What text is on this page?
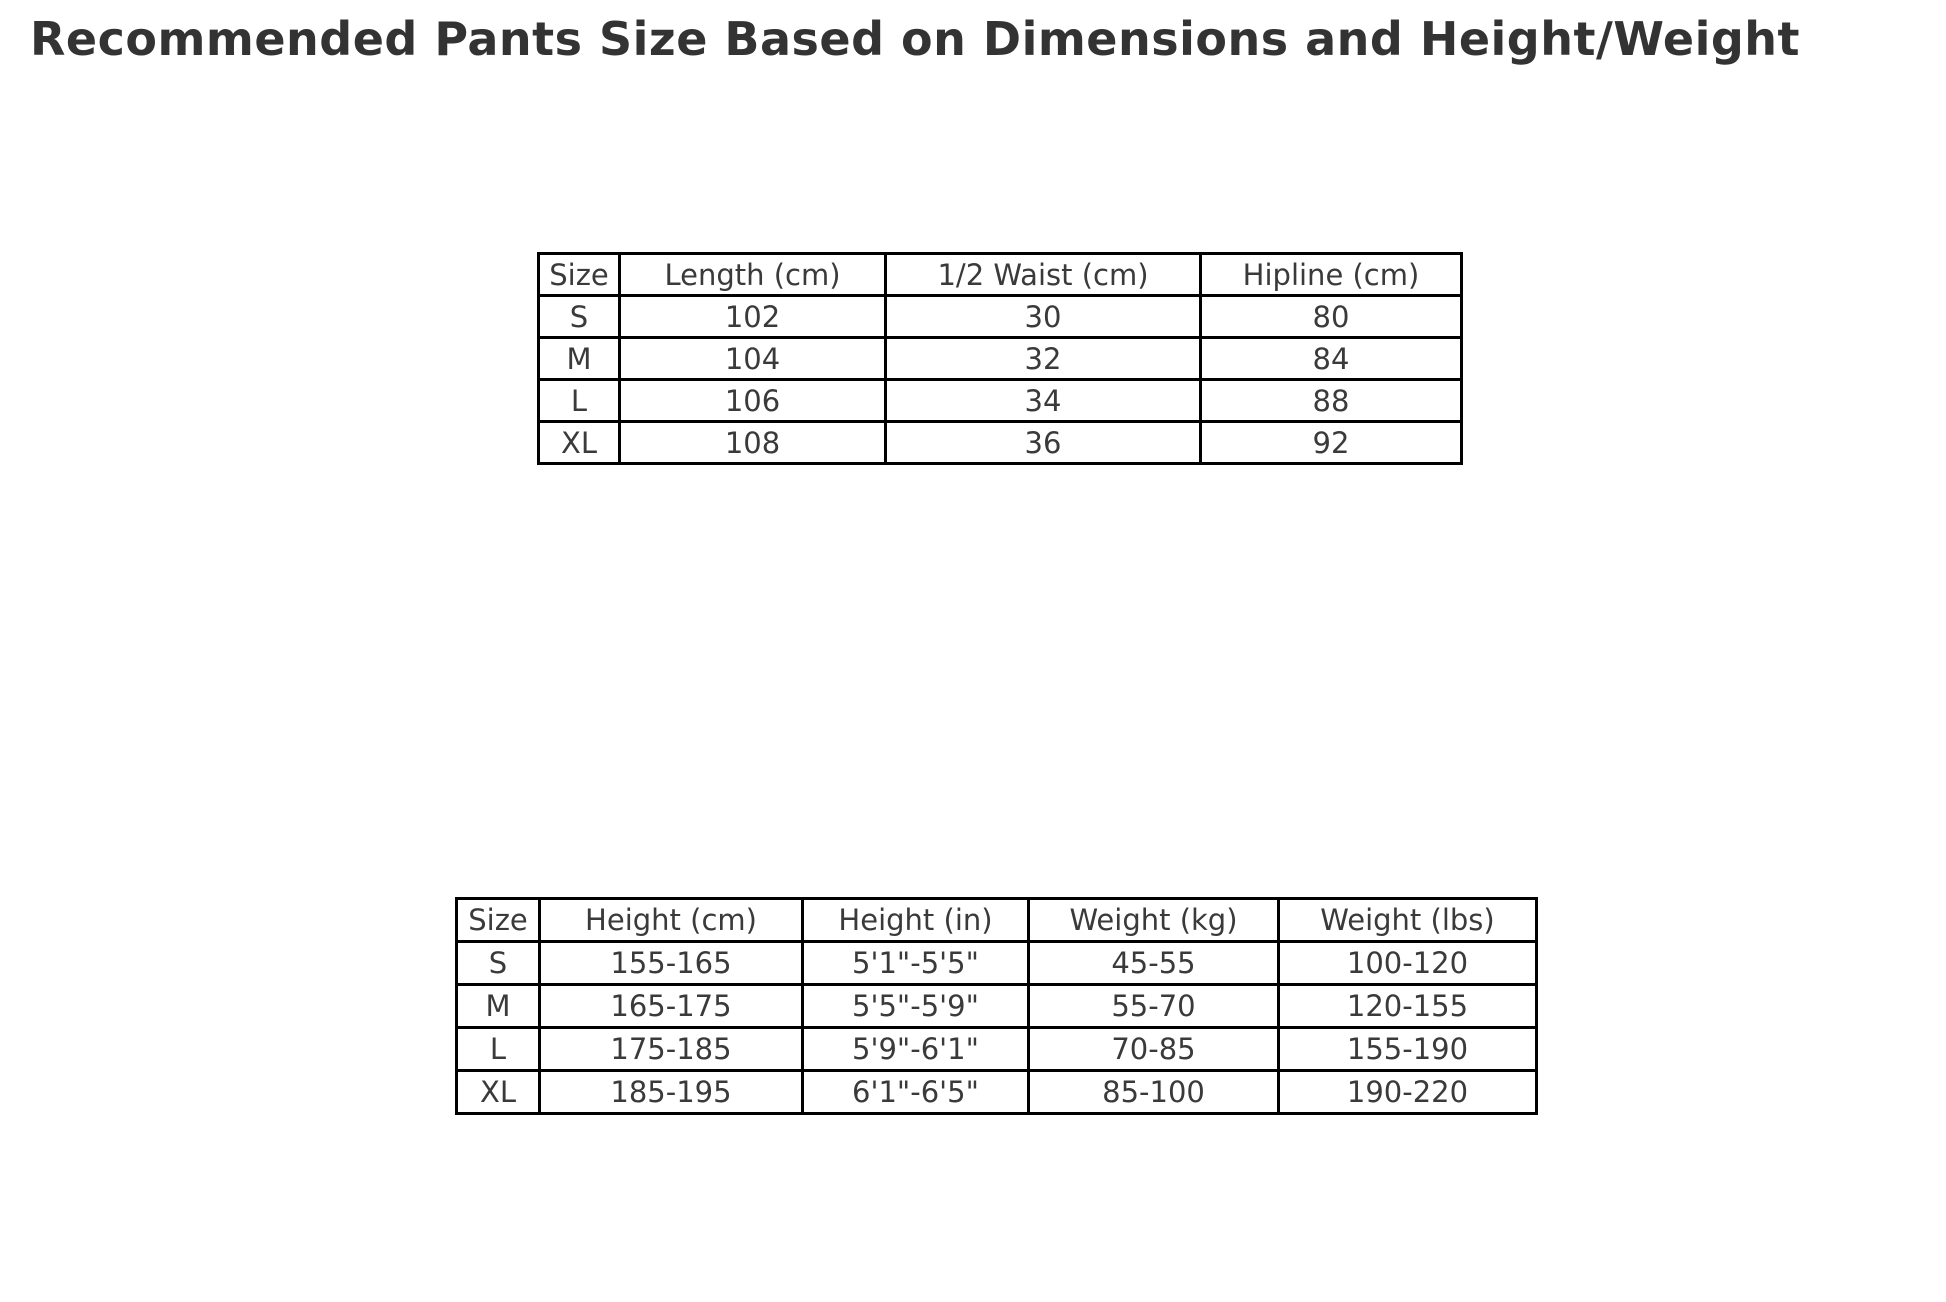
Recommended Pants Size Based on Dimensions and Height/Weight
Size	Length (cm)	1/2 Waist (cm)	Hipline (cm)
S	102	30	80
M	104	32	84
L	106	34	88
XL	108	36	92
Size	Height (cm)	Height (in)	Weight (kg)	Weight (lbs)
S	155-165	5'1"-5'5"	45-55	100-120
M	165-175	5'5"-5'9"	55-70	120-155
L	175-185	5'9"-6'1"	70-85	155-190
XL	185-195	6'1"-6'5"	85-100	190-220
